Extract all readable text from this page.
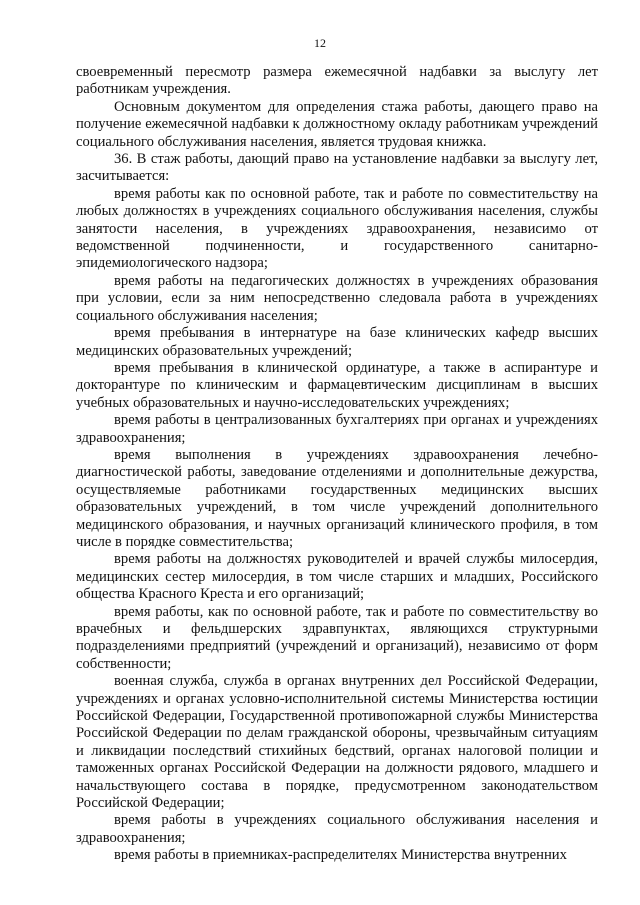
12

своевременный пересмотр размера ежемесячной надбавки за выслугу лет работникам учреждения.

Основным документом для определения стажа работы, дающего право на получение ежемесячной надбавки к должностному окладу работникам учреждений социального обслуживания населения, является трудовая книжка.

36. В стаж работы, дающий право на установление надбавки за выслугу лет, засчитывается:

время работы как по основной работе, так и работе по совместительству на любых должностях в учреждениях социального обслуживания населения, службы занятости населения, в учреждениях здравоохранения, независимо от ведомственной подчиненности, и государственного санитарно-эпидемиологического надзора;

время работы на педагогических должностях в учреждениях образования при условии, если за ним непосредственно следовала работа в учреждениях социального обслуживания населения;

время пребывания в интернатуре на базе клинических кафедр высших медицинских образовательных учреждений;

время пребывания в клинической ординатуре, а также в аспирантуре и докторантуре по клиническим и фармацевтическим дисциплинам в высших учебных образовательных и научно-исследовательских учреждениях;

время работы в централизованных бухгалтериях при органах и учреждениях здравоохранения;

время выполнения в учреждениях здравоохранения лечебно-диагностической работы, заведование отделениями и дополнительные дежурства, осуществляемые работниками государственных медицинских высших образовательных учреждений, в том числе учреждений дополнительного медицинского образования, и научных организаций клинического профиля, в том числе в порядке совместительства;

время работы на должностях руководителей и врачей службы милосердия, медицинских сестер милосердия, в том числе старших и младших, Российского общества Красного Креста и его организаций;

время работы, как по основной работе, так и работе по совместительству во врачебных и фельдшерских здравпунктах, являющихся структурными подразделениями предприятий (учреждений и организаций), независимо от форм собственности;

военная служба, служба в органах внутренних дел Российской Федерации, учреждениях и органах условно-исполнительной системы Министерства юстиции Российской Федерации, Государственной противопожарной службы Министерства Российской Федерации по делам гражданской обороны, чрезвычайным ситуациям и ликвидации последствий стихийных бедствий, органах налоговой полиции и таможенных органах Российской Федерации на должности рядового, младшего и начальствующего состава в порядке, предусмотренном законодательством Российской Федерации;

время работы в учреждениях социального обслуживания населения и здравоохранения;

время работы в приемниках-распределителях Министерства внутренних
